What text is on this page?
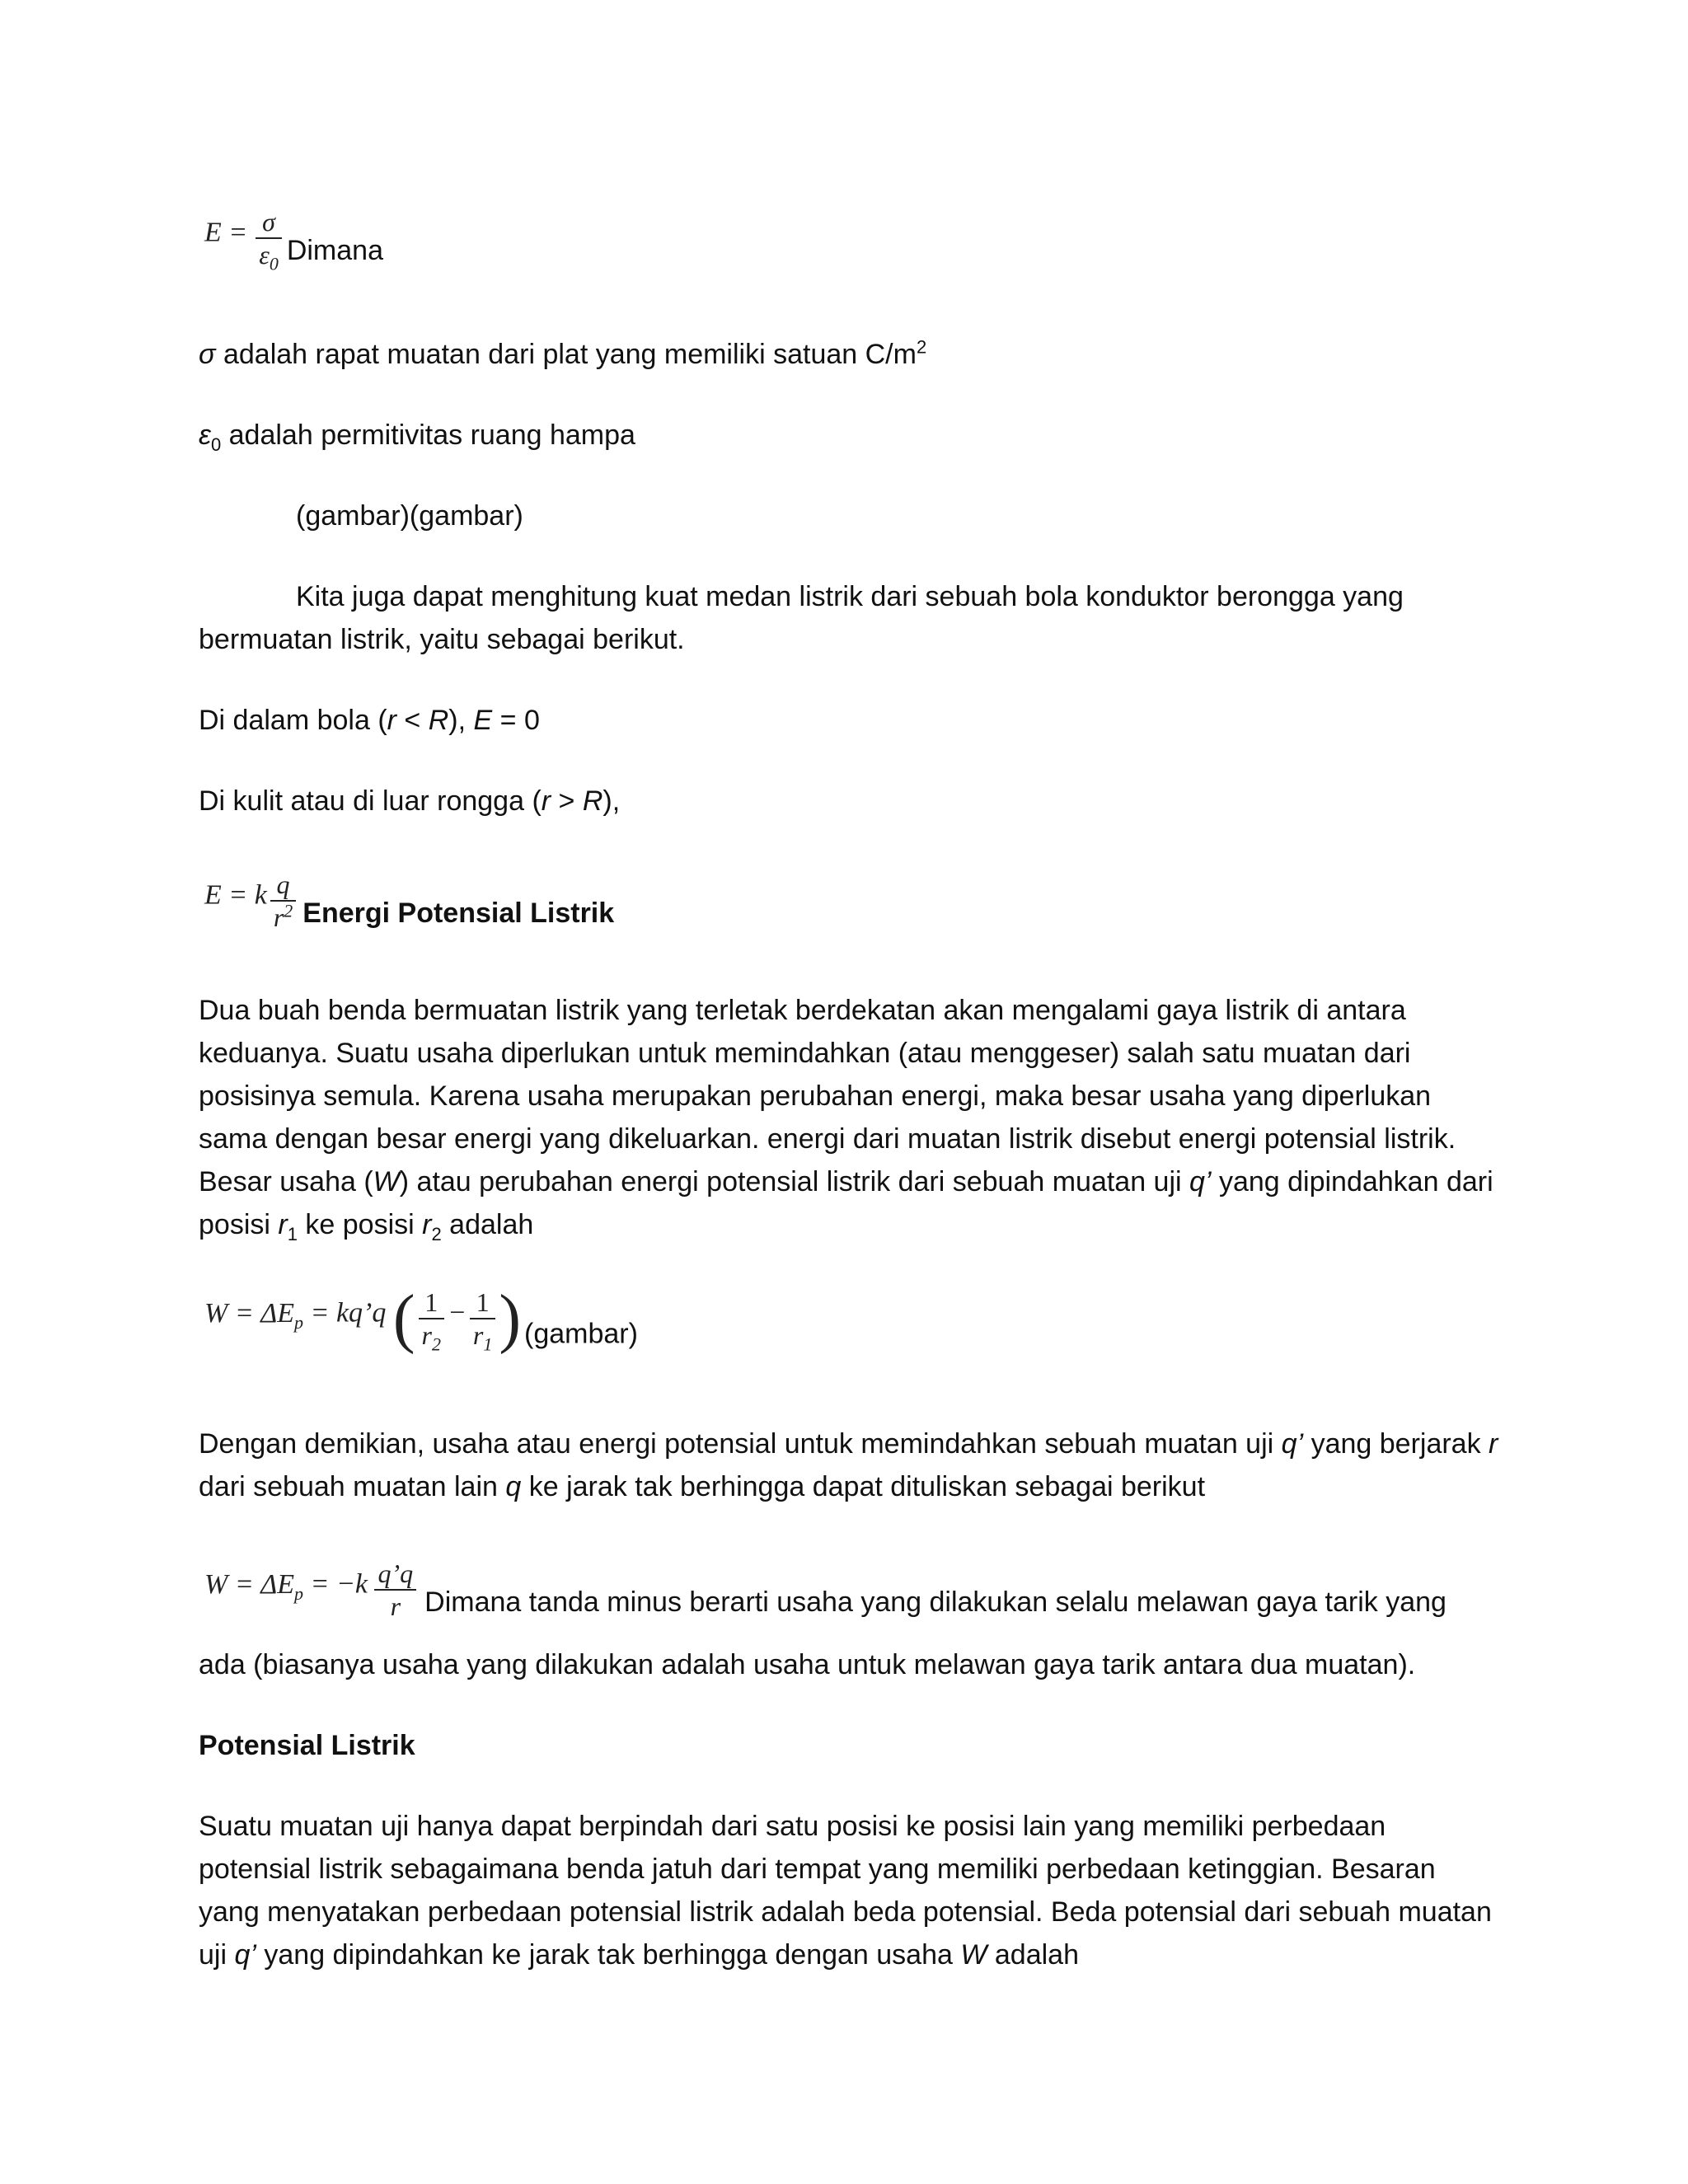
$E = \frac{\sigma}{\varepsilon_0}$ Dimana

σ adalah rapat muatan dari plat yang memiliki satuan $C/m^2$

$\varepsilon_0$ adalah permitivitas ruang hampa

(gambar)(gambar)

Kita juga dapat menghitung kuat medan listrik dari sebuah bola konduktor berongga yang bermuatan listrik, yaitu sebagai berikut.

Di dalam bola (r < R), E = 0

Di kulit atau di luar rongga (r > R),

E = k $\frac{q}{r^2}$ Energi Potensial Listrik

Dua buah benda bermuatan listrik yang terletak berdekatan akan mengalami gaya listrik di antara keduanya. Suatu usaha diperlukan untuk memindahkan (atau menggeser) salah satu muatan dari posisinya semula. Karena usaha merupakan perubahan energi, maka besar usaha yang diperlukan sama dengan besar energi yang dikeluarkan. energi dari muatan listrik disebut energi potensial listrik. Besar usaha (W) atau perubahan energi potensial listrik dari sebuah muatan uji q’ yang dipindahkan dari posisi $r_1$ ke posisi $r_2$ adalah

$W = \Delta E_p$ = kq’q ( $\frac{1}{r_2} - \frac{1}{r_1}$ ) (gambar)

Dengan demikian, usaha atau energi potensial untuk memindahkan sebuah muatan uji q’ yang berjarak r dari sebuah muatan lain q ke jarak tak berhingga dapat dituliskan sebagai berikut

$W = \Delta E_p = -k \frac{q’q}{r}$ Dimana tanda minus berarti usaha yang dilakukan selalu melawan gaya tarik yang

ada (biasanya usaha yang dilakukan adalah usaha untuk melawan gaya tarik antara dua muatan).

Potensial Listrik

Suatu muatan uji hanya dapat berpindah dari satu posisi ke posisi lain yang memiliki perbedaan potensial listrik sebagaimana benda jatuh dari tempat yang memiliki perbedaan ketinggian. Besaran yang menyatakan perbedaan potensial listrik adalah beda potensial. Beda potensial dari sebuah muatan uji q’ yang dipindahkan ke jarak tak berhingga dengan usaha W adalah
